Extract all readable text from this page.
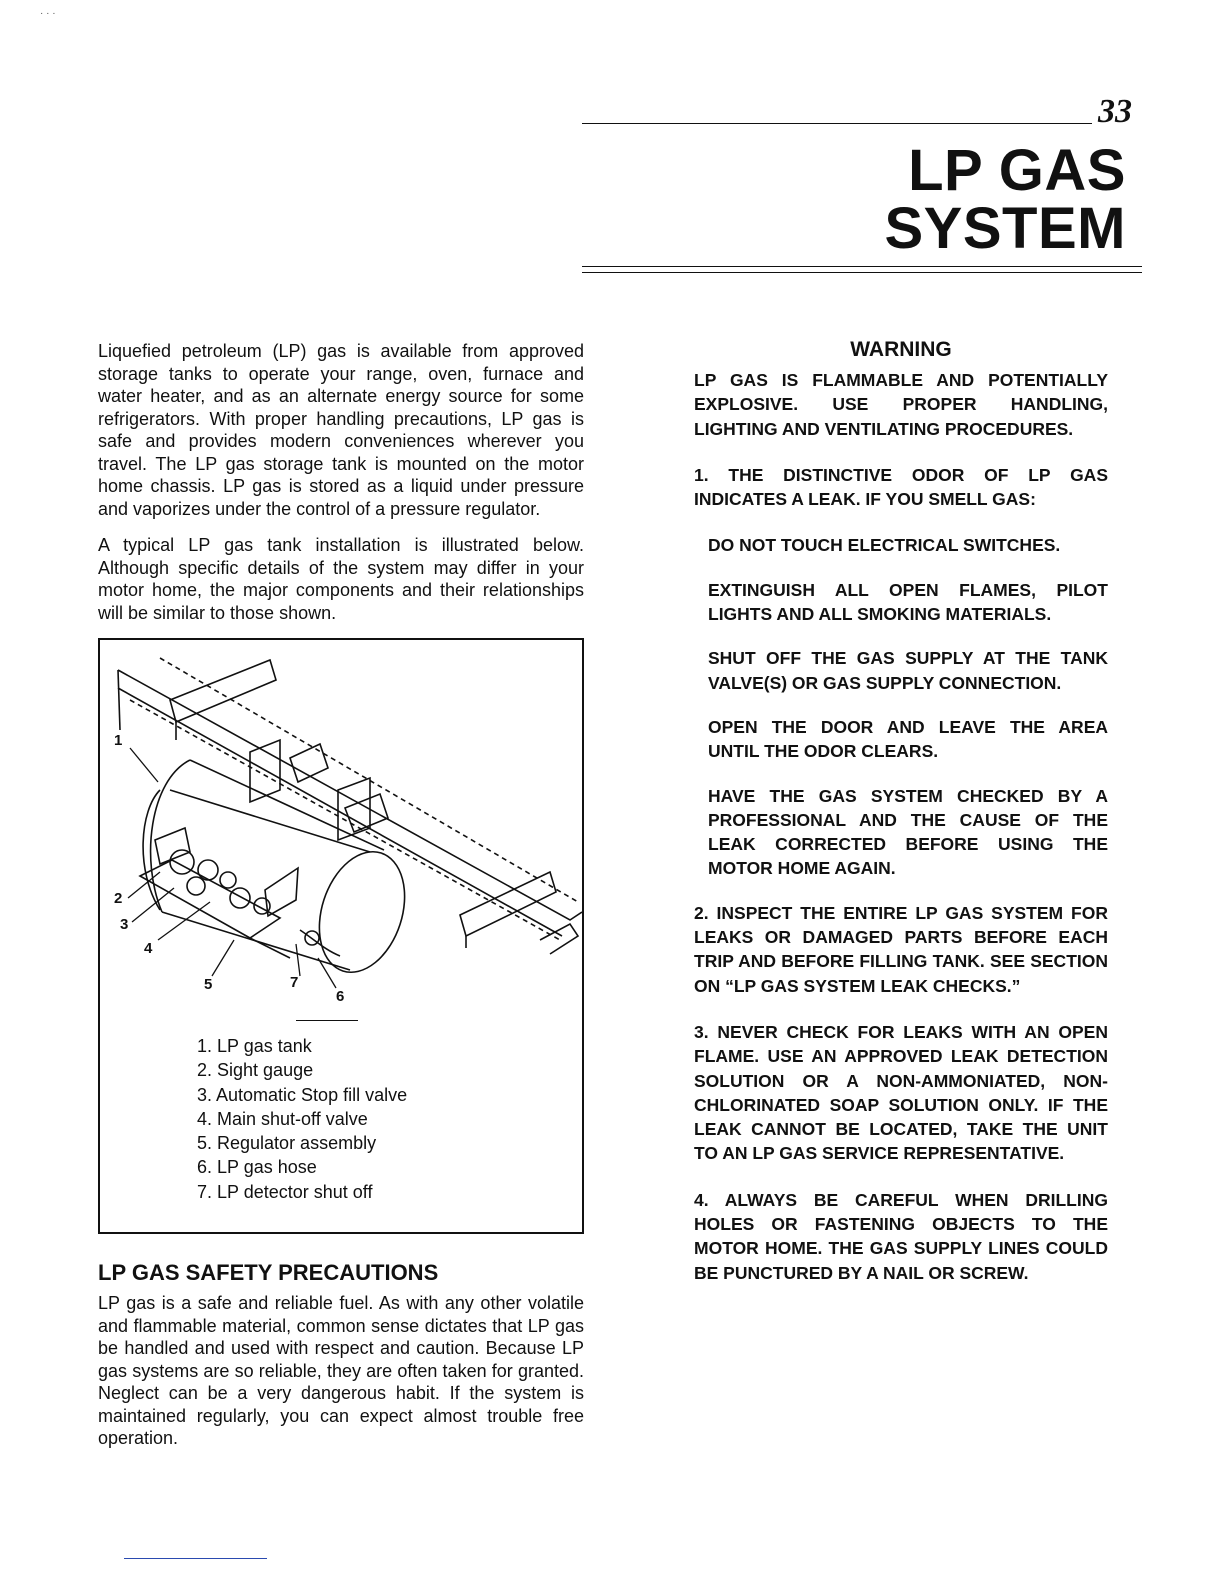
· · ·
33
LP GAS
SYSTEM

Liquefied petroleum (LP) gas is available from approved storage tanks to operate your range, oven, furnace and water heater, and as an alternate energy source for some refrigerators. With proper handling precautions, LP gas is safe and provides modern conveniences wherever you travel. The LP gas storage tank is mounted on the motor home chassis. LP gas is stored as a liquid under pressure and vaporizes under the control of a pressure regulator.

A typical LP gas tank installation is illustrated below. Although specific details of the system may differ in your motor home, the major components and their relationships will be similar to those shown.

1
2
3
4
5	7
6
1. LP gas tank
2. Sight gauge
3. Automatic Stop fill valve
4. Main shut-off valve
5. Regulator assembly
6. LP gas hose
7. LP detector shut off
LP GAS SAFETY PRECAUTIONS

LP gas is a safe and reliable fuel. As with any other volatile and flammable material, common sense dictates that LP gas be handled and used with respect and caution. Because LP gas systems are so reliable, they are often taken for granted. Neglect can be a very dangerous habit. If the system is maintained regularly, you can expect almost trouble free operation.

WARNING

LP GAS IS FLAMMABLE AND POTENTIALLY EXPLOSIVE. USE PROPER HANDLING, LIGHTING AND VENTILATING PROCEDURES.

1. THE DISTINCTIVE ODOR OF LP GAS INDICATES A LEAK. IF YOU SMELL GAS:

DO NOT TOUCH ELECTRICAL SWITCHES.

EXTINGUISH ALL OPEN FLAMES, PILOT LIGHTS AND ALL SMOKING MATERIALS.

SHUT OFF THE GAS SUPPLY AT THE TANK VALVE(S) OR GAS SUPPLY CONNECTION.

OPEN THE DOOR AND LEAVE THE AREA UNTIL THE ODOR CLEARS.

HAVE THE GAS SYSTEM CHECKED BY A PROFESSIONAL AND THE CAUSE OF THE LEAK CORRECTED BEFORE USING THE MOTOR HOME AGAIN.

2. INSPECT THE ENTIRE LP GAS SYSTEM FOR LEAKS OR DAMAGED PARTS BEFORE EACH TRIP AND BEFORE FILLING TANK. SEE SECTION ON “LP GAS SYSTEM LEAK CHECKS.”

3. NEVER CHECK FOR LEAKS WITH AN OPEN FLAME. USE AN APPROVED LEAK DETECTION SOLUTION OR A NON-AMMONIATED, NON-CHLORINATED SOAP SOLUTION ONLY. IF THE LEAK CANNOT BE LOCATED, TAKE THE UNIT TO AN LP GAS SERVICE REPRESENTATIVE.

4. ALWAYS BE CAREFUL WHEN DRILLING HOLES OR FASTENING OBJECTS TO THE MOTOR HOME. THE GAS SUPPLY LINES COULD BE PUNCTURED BY A NAIL OR SCREW.
